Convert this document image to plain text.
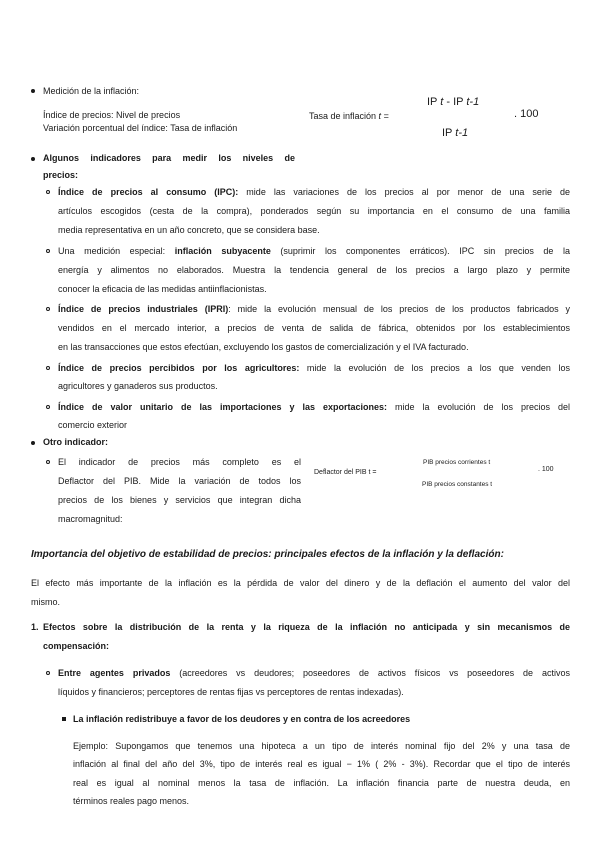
Medición de la inflación:
Índice de precios: Nivel de precios
Variación porcentual del índice: Tasa de inflación
Tasa de inflación t =
IP t - IP t-1
IP t-1
. 100
Algunos indicadores para medir los niveles de
precios:
Índice de precios al consumo (IPC): mide las variaciones de los precios al por menor de una serie de
artículos escogidos (cesta de la compra), ponderados según su importancia en el consumo de una familia
media representativa en un año concreto, que se considera base.
Una medición especial: inflación subyacente (suprimir los componentes erráticos). IPC sin precios de la
energía y alimentos no elaborados. Muestra la tendencia general de los precios a largo plazo y permite
conocer la eficacia de las medidas antiinflacionistas.
Índice de precios industriales (IPRI): mide la evolución mensual de los precios de los productos fabricados y
vendidos en el mercado interior, a precios de venta de salida de fábrica, obtenidos por los establecimientos
en las transacciones que estos efectúan, excluyendo los gastos de comercialización y el IVA facturado.
Índice de precios percibidos por los agricultores: mide la evolución de los precios a los que venden los
agricultores y ganaderos sus productos.
Índice de valor unitario de las importaciones y las exportaciones: mide la evolución de los precios del
comercio exterior
Otro indicador:
El indicador de precios más completo es el
Deflactor del PIB. Mide la variación de todos los
precios de los bienes y servicios que integran dicha
macromagnitud:
Deflactor del PIB t =
PIB precios corrientes t
PIB precios constantes t
. 100
Importancia del objetivo de estabilidad de precios: principales efectos de la inflación y la deflación:
El efecto más importante de la inflación es la pérdida de valor del dinero y de la deflación el aumento del valor del
mismo.
1. Efectos sobre la distribución de la renta y la riqueza de la inflación no anticipada y sin mecanismos de
compensación:
Entre agentes privados (acreedores vs deudores; poseedores de activos físicos vs poseedores de activos
líquidos y financieros; perceptores de rentas fijas vs perceptores de rentas indexadas).
La inflación redistribuye a favor de los deudores y en contra de los acreedores
Ejemplo: Supongamos que tenemos una hipoteca a un tipo de interés nominal fijo del 2% y una tasa de
inflación al final del año del 3%, tipo de interés real es igual − 1% ( 2% - 3%). Recordar que el tipo de interés
real es igual al nominal menos la tasa de inflación. La inflación financia parte de nuestra deuda, en
términos reales pago menos.
